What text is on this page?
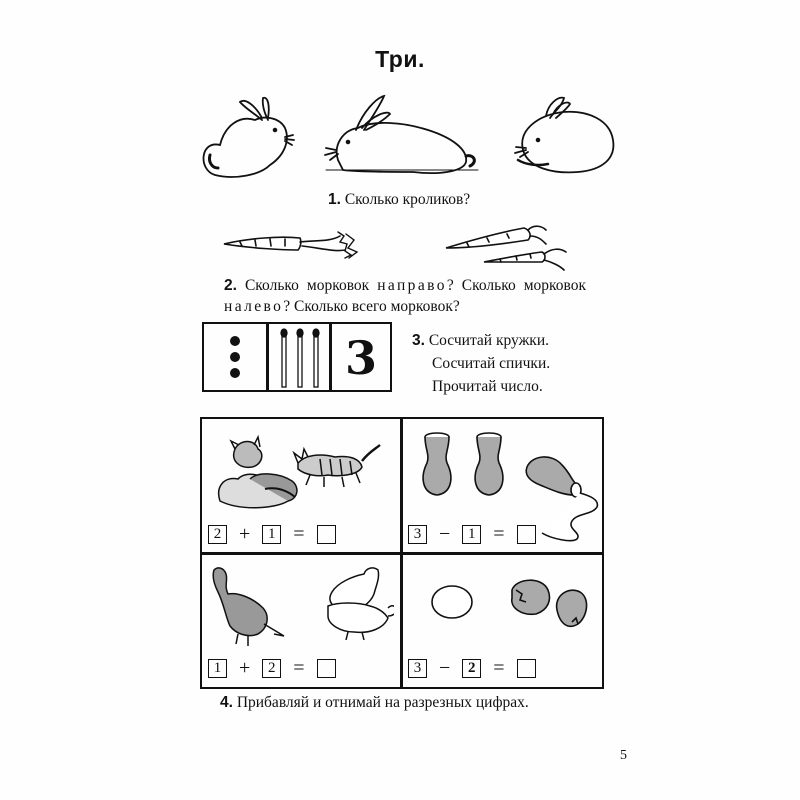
Три.
1. Сколько кроликов?
2. Сколько морковок направо? Сколько морковок налево? Сколько всего морковок?
3	3. Сосчитай кружки.
Сосчитай спички.
Прочитай число.
2 + 1 =	3 − 1 =
1 + 2 =	3 − 2 =
4. Прибавляй и отнимай на разрезных цифрах.
5
